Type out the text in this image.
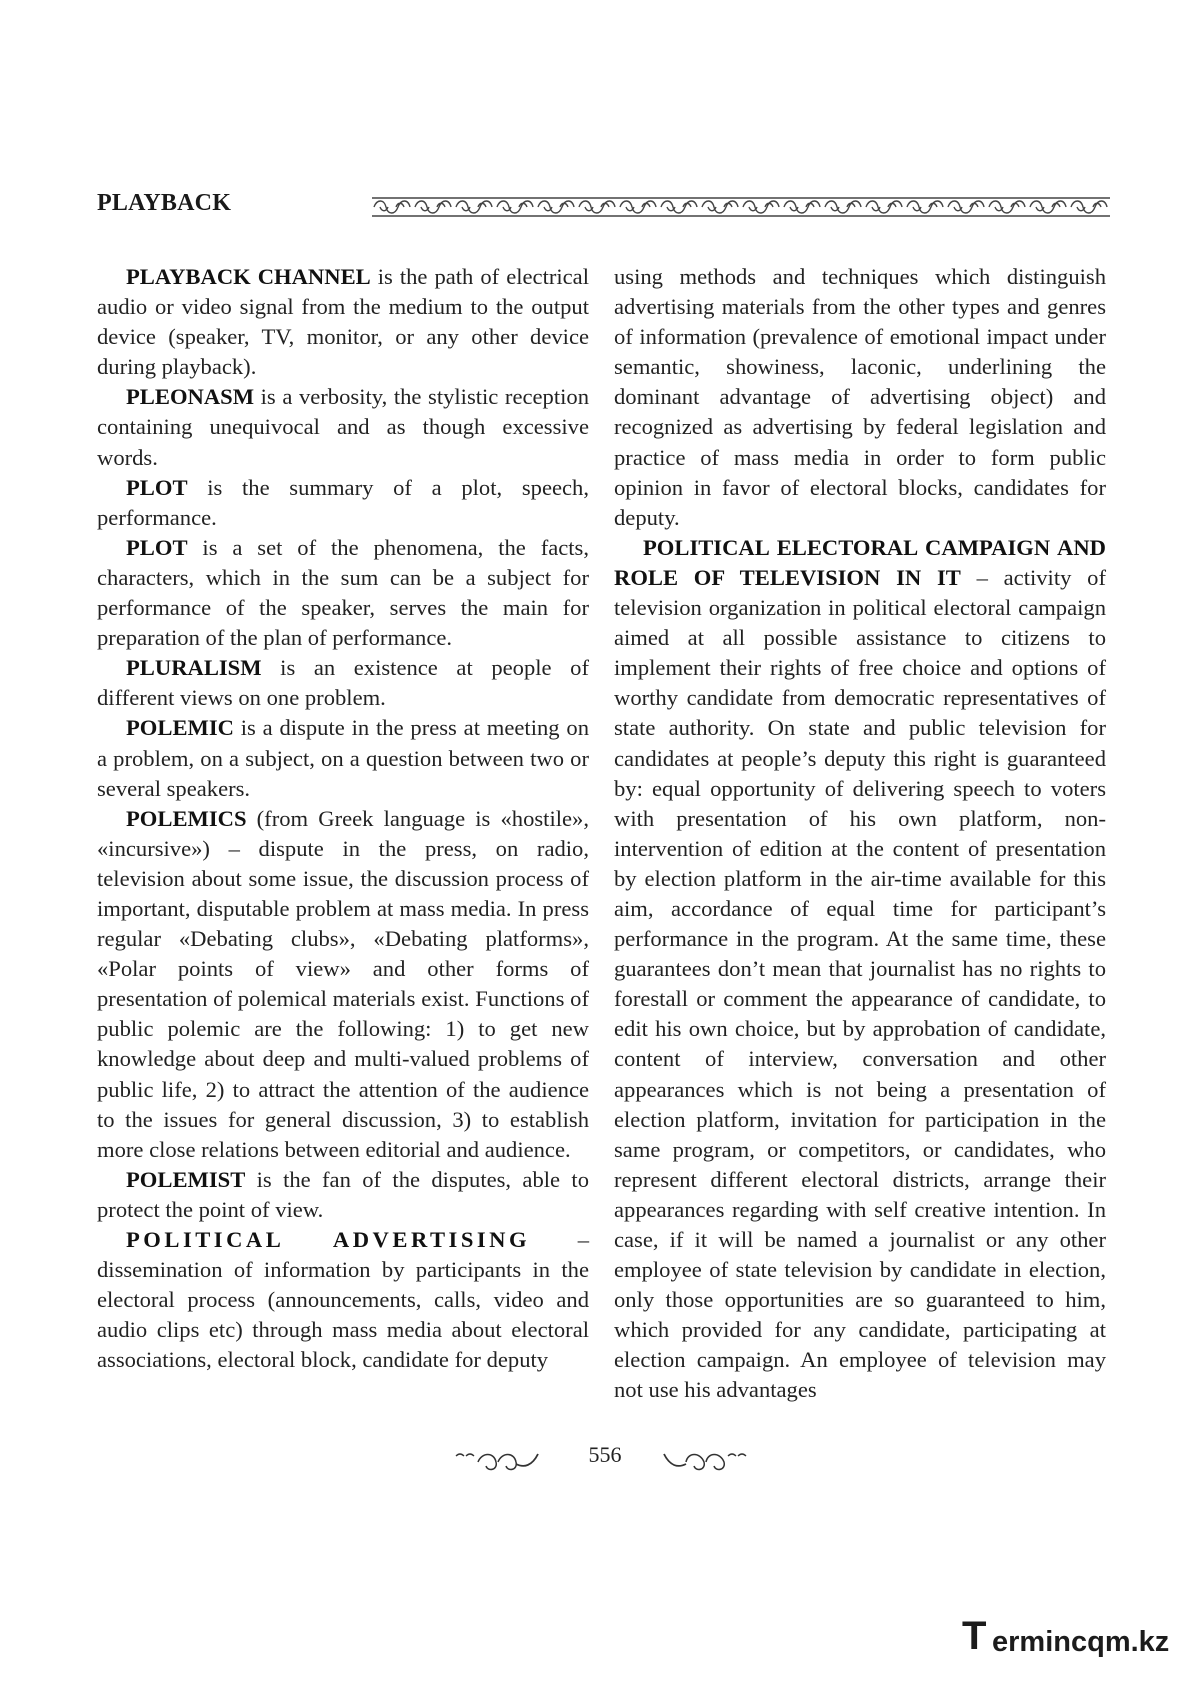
PLAYBACK

PLAYBACK CHANNEL is the path of electrical audio or video signal from the medium to the output device (speaker, TV, monitor, or any other device during playback).

PLEONASM is a verbosity, the stylistic reception containing unequivocal and as though excessive words.

PLOT is the summary of a plot, speech, performance.

PLOT is a set of the phenomena, the facts, characters, which in the sum can be a subject for performance of the speaker, serves the main for preparation of the plan of performance.

PLURALISM is an existence at people of different views on one problem.

POLEMIC is a dispute in the press at meeting on a problem, on a subject, on a question between two or several speakers.

POLEMICS (from Greek language is «hostile», «incursive») – dispute in the press, on radio, television about some issue, the discussion process of important, disputable problem at mass media. In press regular «Debating clubs», «Debating platforms», «Polar points of view» and other forms of presentation of polemical materials exist. Functions of public polemic are the following: 1) to get new knowledge about deep and multi-valued problems of public life, 2) to attract the attention of the audience to the issues for general discussion, 3) to establish more close relations between editorial and audience.

POLEMIST is the fan of the disputes, able to protect the point of view.

POLITICAL ADVERTISING – dissemination of information by participants in the electoral process (announcements, calls, video and audio clips etc) through mass media about electoral associations, electoral block, candidate for deputy

using methods and techniques which distinguish advertising materials from the other types and genres of information (prevalence of emotional impact under semantic, showiness, laconic, underlining the dominant advantage of advertising object) and recognized as advertising by federal legislation and practice of mass media in order to form public opinion in favor of electoral blocks, candidates for deputy.

POLITICAL ELECTORAL CAMPAIGN AND ROLE OF TELEVISION IN IT – activity of television organization in political electoral campaign aimed at all possible assistance to citizens to implement their rights of free choice and options of worthy candidate from democratic representatives of state authority. On state and public television for candidates at people’s deputy this right is guaranteed by: equal opportunity of delivering speech to voters with presentation of his own platform, non-intervention of edition at the content of presentation by election platform in the air-time available for this aim, accordance of equal time for participant’s performance in the program. At the same time, these guarantees don’t mean that journalist has no rights to forestall or comment the appearance of candidate, to edit his own choice, but by approbation of candidate, content of interview, conversation and other appearances which is not being a presentation of election platform, invitation for participation in the same program, or competitors, or candidates, who represent different electoral districts, arrange their appearances regarding with self creative intention. In case, if it will be named a journalist or any other employee of state television by candidate in election, only those opportunities are so guaranteed to him, which provided for any candidate, participating at election campaign. An employee of television may not use his advantages

556
T ermincqm.kz
